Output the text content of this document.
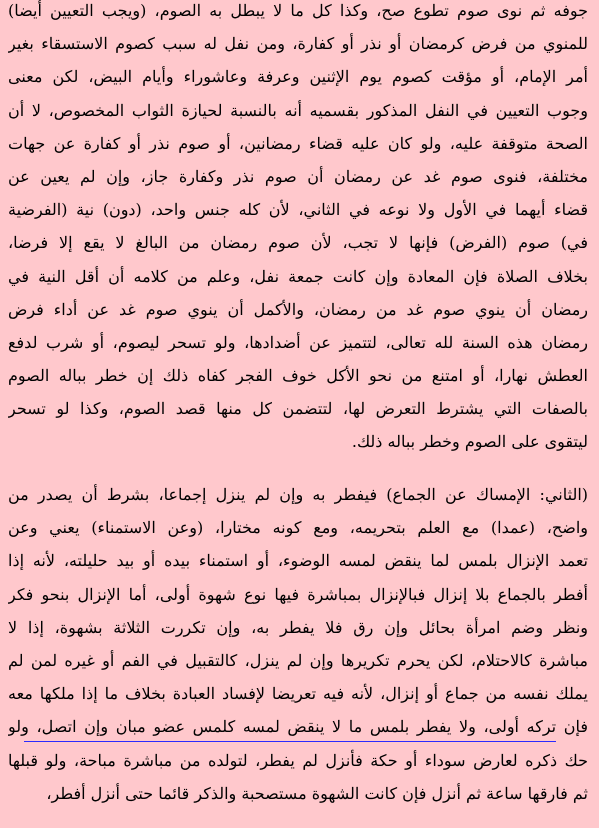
جوفه ثم نوى صوم تطوع صح، وكذا كل ما لا يبطل به الصوم، (ويجب التعيين أيضا)
للمنوي من فرض كرمضان أو نذر أو كفارة، ومن نفل له سبب كصوم الاستسقاء بغير
أمر الإمام، أو مؤقت كصوم يوم الإثنين وعرفة وعاشوراء وأيام البيض، لكن معنى
وجوب التعيين في النفل المذكور بقسميه أنه بالنسبة لحيازة الثواب المخصوص، لا أن
الصحة متوقفة عليه، ولو كان عليه قضاء رمضانين، أو صوم نذر أو كفارة عن جهات
مختلفة، فنوى صوم غد عن رمضان أن صوم نذر وكفارة جاز، وإن لم يعين عن
قضاء أيهما في الأول ولا نوعه في الثاني، لأن كله جنس واحد، (دون) نية (الفرضية
في) صوم (الفرض) فإنها لا تجب، لأن صوم رمضان من البالغ لا يقع إلا فرضا،
بخلاف الصلاة فإن المعادة وإن كانت جمعة نفل، وعلم من كلامه أن أقل النية في
رمضان أن ينوي صوم غد من رمضان، والأكمل أن ينوي صوم غد عن أداء فرض
رمضان هذه السنة لله تعالى، لتتميز عن أضدادها، ولو تسحر ليصوم، أو شرب لدفع
العطش نهارا، أو امتنع من نحو الأكل خوف الفجر كفاه ذلك إن خطر بباله الصوم
بالصفات التي يشترط التعرض لها، لتتضمن كل منها قصد الصوم، وكذا لو تسحر
ليتقوى على الصوم وخطر بباله ذلك.
(الثاني: الإمساك عن الجماع) فيفطر به وإن لم ينزل إجماعا، بشرط أن يصدر من
واضح، (عمدا) مع العلم بتحريمه، ومع كونه مختارا، (وعن الاستمناء) يعني وعن
تعمد الإنزال بلمس لما ينقض لمسه الوضوء، أو استمناء بيده أو بيد حليلته، لأنه إذا
أفطر بالجماع بلا إنزال فبالإنزال بمباشرة فيها نوع شهوة أولى، أما الإنزال بنحو فكر
ونظر وضم امرأة بحائل وإن رق فلا يفطر به، وإن تكررت الثلاثة بشهوة، إذا لا
مباشرة كالاحتلام، لكن يحرم تكريرها وإن لم ينزل، كالتقبيل في الفم أو غيره لمن لم
يملك نفسه من جماع أو إنزال، لأنه فيه تعريضا لإفساد العبادة بخلاف ما إذا ملكها معه
فإن تركه أولى، ولا يفطر بلمس ما لا ينقض لمسه كلمس عضو مبان وإن اتصل، ولو
حك ذكره لعارض سوداء أو حكة فأنزل لم يفطر، لتولده من مباشرة مباحة، ولو قبلها
ثم فارقها ساعة ثم أنزل فإن كانت الشهوة مستصحبة والذكر قائما حتى أنزل أفطر،
